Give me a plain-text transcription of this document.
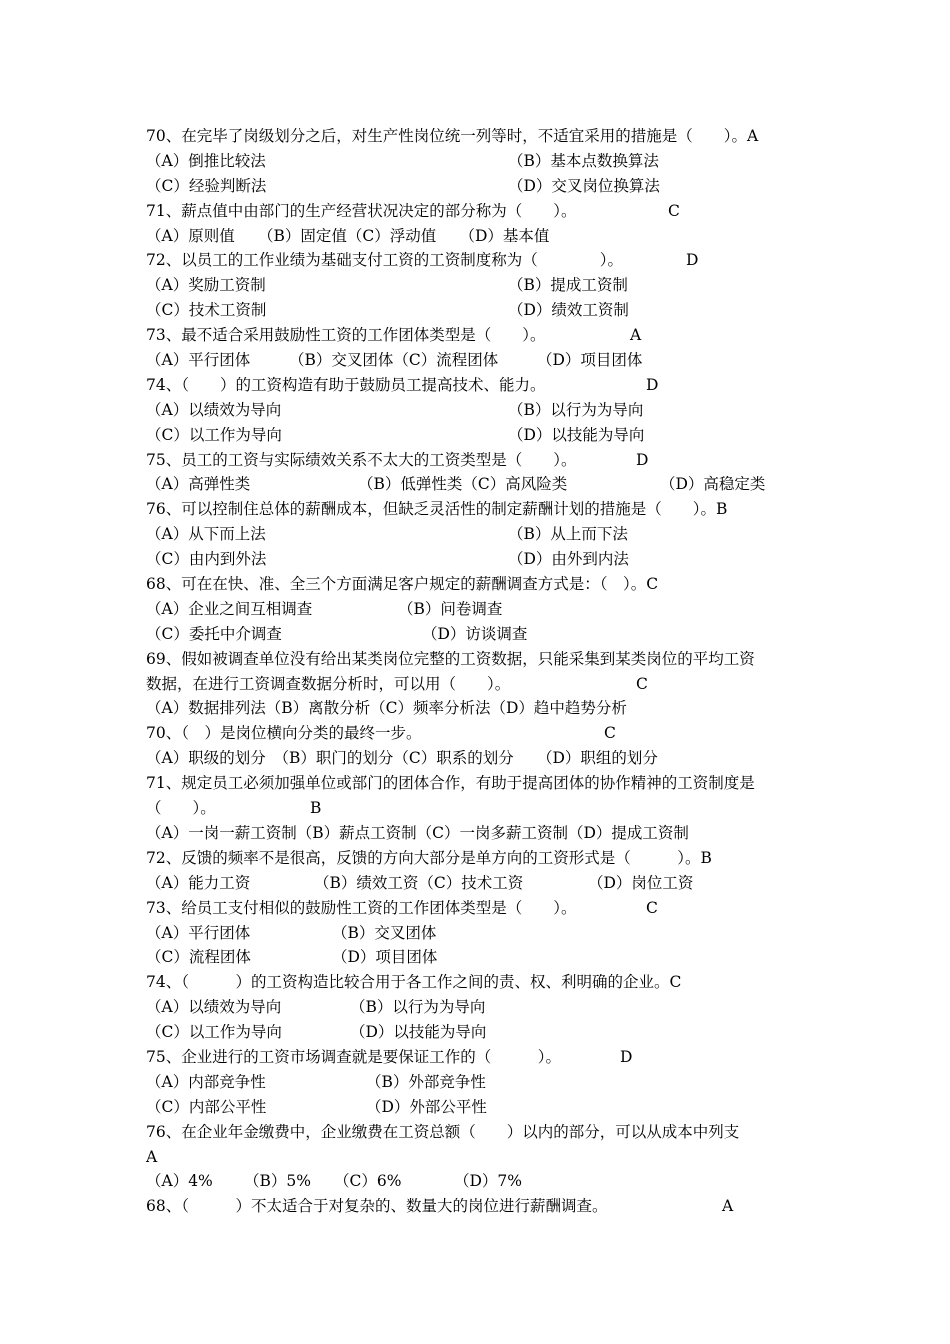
70、在完毕了岗级划分之后，对生产性岗位统一列等时，不适宜采用的措施是（　　）。A
（A）倒推比较法	（B）基本点数换算法
（C）经验判断法	（D）交叉岗位换算法
71、薪点值中由部门的生产经营状况决定的部分称为（　　）。	C
（A）原则值　　（B）固定值（C）浮动值　　（D）基本值
72、以员工的工作业绩为基础支付工资的工资制度称为（　　　　）。	D
（A）奖励工资制	（B）提成工资制
（C）技术工资制	（D）绩效工资制
73、最不适合采用鼓励性工资的工作团体类型是（　　）。	A
（A）平行团体　　　（B）交叉团体（C）流程团体　　　（D）项目团体
74、（　　）的工资构造有助于鼓励员工提高技术、能力。	D
（A）以绩效为导向	（B）以行为为导向
（C）以工作为导向	（D）以技能为导向
75、员工的工资与实际绩效关系不太大的工资类型是（　　）。	D
（A）高弹性类	（B）低弹性类（C）高风险类	（D）高稳定类
76、可以控制住总体的薪酬成本，但缺乏灵活性的制定薪酬计划的措施是（　　）。B
（A）从下而上法	（B）从上而下法
（C）由内到外法	（D）由外到内法
68、可在在快、准、全三个方面满足客户规定的薪酬调查方式是：（　）。C
（A）企业之间互相调查	（B）问卷调查
（C）委托中介调查	（D）访谈调查
69、假如被调查单位没有给出某类岗位完整的工资数据，只能采集到某类岗位的平均工资
数据，在进行工资调查数据分析时，可以用（　　）。	C
（A）数据排列法（B）离散分析（C）频率分析法（D）趋中趋势分析
70、（　）是岗位横向分类的最终一步。	C
（A）职级的划分　（B）职门的划分（C）职系的划分　　（D）职组的划分
71、规定员工必须加强单位或部门的团体合作，有助于提高团体的协作精神的工资制度是
（　　）。	B
（A）一岗一薪工资制（B）薪点工资制（C）一岗多薪工资制（D）提成工资制
72、反馈的频率不是很高，反馈的方向大部分是单方向的工资形式是（　　　）。B
（A）能力工资	（B）绩效工资（C）技术工资	（D）岗位工资
73、给员工支付相似的鼓励性工资的工作团体类型是（　　）。	C
（A）平行团体	（B）交叉团体
（C）流程团体	（D）项目团体
74、（　　　）的工资构造比较合用于各工作之间的责、权、利明确的企业。C
（A）以绩效为导向	（B）以行为为导向
（C）以工作为导向	（D）以技能为导向
75、企业进行的工资市场调查就是要保证工作的（　　　）。	D
（A）内部竞争性	（B）外部竞争性
（C）内部公平性	（D）外部公平性
76、在企业年金缴费中，企业缴费在工资总额（　　）以内的部分，可以从成本中列支
A
（A）4% （B）5% （C）6%	（D）7%
68、（　　　）不太适合于对复杂的、数量大的岗位进行薪酬调查。	A
